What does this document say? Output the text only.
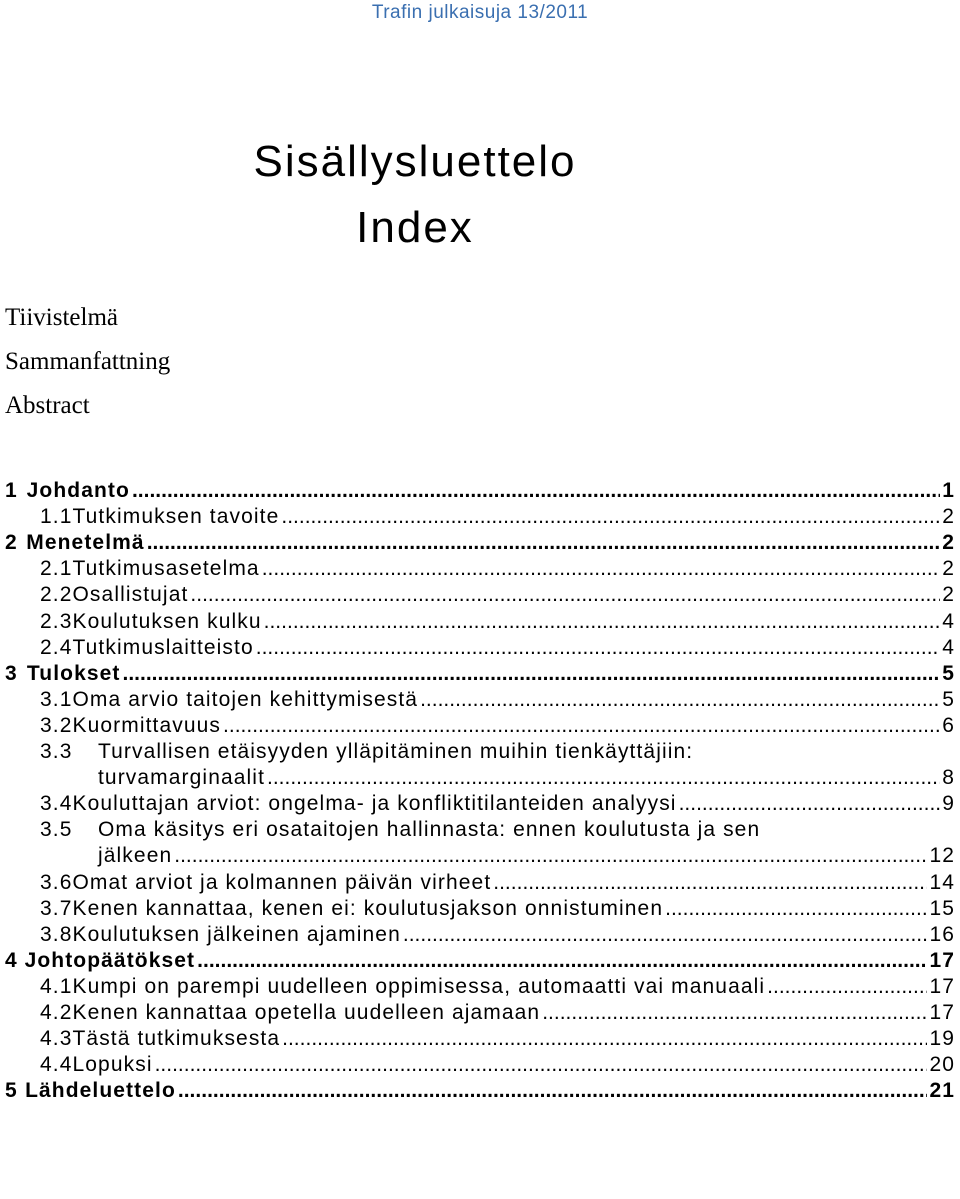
Trafin julkaisuja 13/2011
Sisällysluettelo
Index
Tiivistelmä
Sammanfattning
Abstract
1 Johdanto .....	1
1.1 Tutkimuksen tavoite .....	2
2 Menetelmä .....	2
2.1 Tutkimusasetelma .....	2
2.2 Osallistujat .....	2
2.3 Koulutuksen kulku .....	4
2.4 Tutkimuslaitteisto .....	4
3 Tulokset .....	5
3.1 Oma arvio taitojen kehittymisestä .....	5
3.2 Kuormittavuus .....	6
3.3 Turvallisen etäisyyden ylläpitäminen muihin tienkäyttäjiin:
turvamarginaalit .....	8
3.4 Kouluttajan arviot: ongelma- ja konfliktitilanteiden analyysi .....	9
3.5 Oma käsitys eri osataitojen hallinnasta: ennen koulutusta ja sen
jälkeen .....	12
3.6 Omat arviot ja kolmannen päivän virheet .....	14
3.7 Kenen kannattaa, kenen ei: koulutusjakson onnistuminen .....	15
3.8 Koulutuksen jälkeinen ajaminen .....	16
4 Johtopäätökset .....	17
4.1 Kumpi on parempi uudelleen oppimisessa, automaatti vai manuaali .....	17
4.2 Kenen kannattaa opetella uudelleen ajamaan .....	17
4.3 Tästä tutkimuksesta .....	19
4.4 Lopuksi .....	20
5 Lähdeluettelo .....	21
